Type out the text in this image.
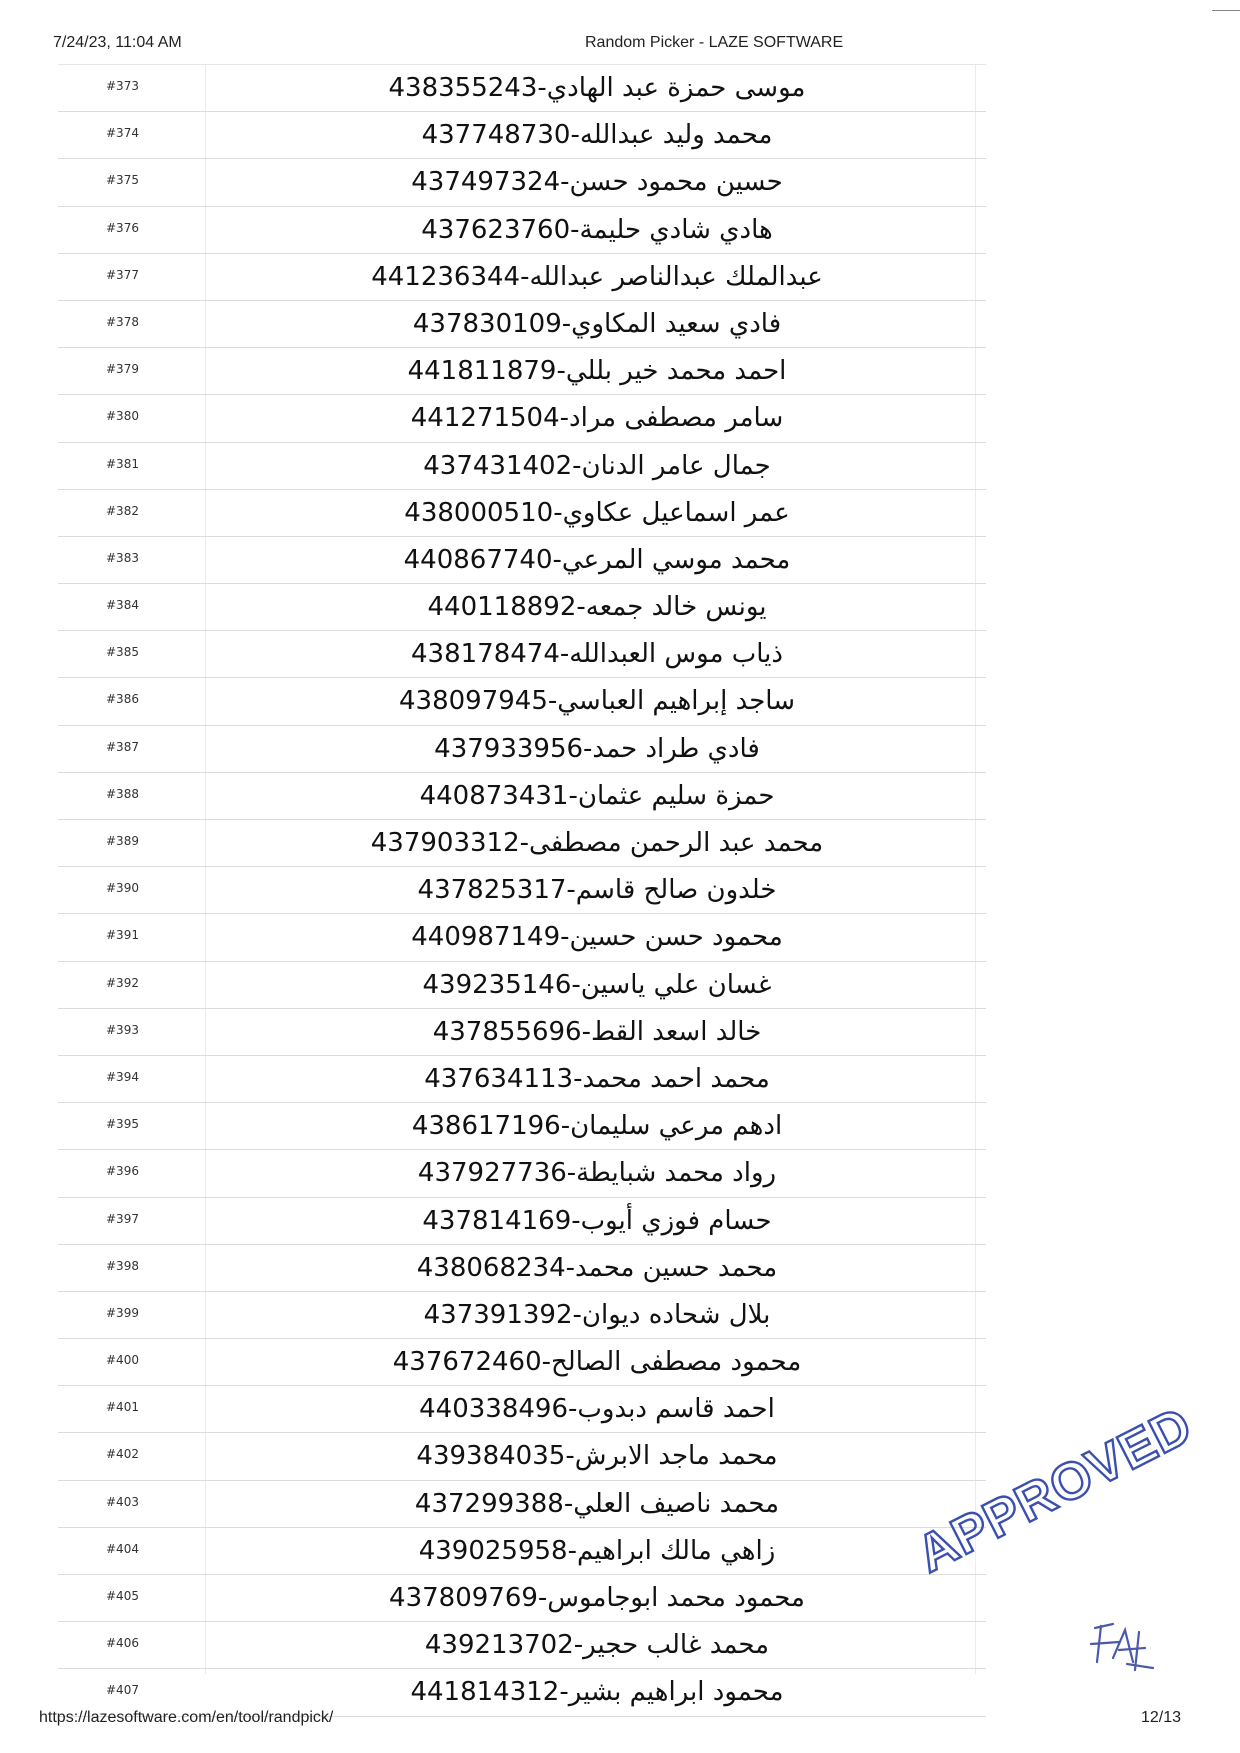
7/24/23, 11:04 AM	Random Picker - LAZE SOFTWARE
#373	موسى حمزة عبد الهادي-438355243
#374	محمد وليد عبدالله-437748730
#375	حسين محمود حسن-437497324
#376	هادي شادي حليمة-437623760
#377	عبدالملك عبدالناصر عبدالله-441236344
#378	فادي سعيد المكاوي-437830109
#379	احمد محمد خير بللي-441811879
#380	سامر مصطفى مراد-441271504
#381	جمال عامر الدنان-437431402
#382	عمر اسماعيل عكاوي-438000510
#383	محمد موسي المرعي-440867740
#384	يونس خالد جمعه-440118892
#385	ذياب موس العبدالله-438178474
#386	ساجد إبراهيم العباسي-438097945
#387	فادي طراد حمد-437933956
#388	حمزة سليم عثمان-440873431
#389	محمد عبد الرحمن مصطفى-437903312
#390	خلدون صالح قاسم-437825317
#391	محمود حسن حسين-440987149
#392	غسان علي ياسين-439235146
#393	خالد اسعد القط-437855696
#394	محمد احمد محمد-437634113
#395	ادهم مرعي سليمان-438617196
#396	رواد محمد شبايطة-437927736
#397	حسام فوزي أيوب-437814169
#398	محمد حسين محمد-438068234
#399	بلال شحاده ديوان-437391392
#400	محمود مصطفى الصالح-437672460
#401	احمد قاسم دبدوب-440338496
#402	محمد ماجد الابرش-439384035
#403	محمد ناصيف العلي-437299388
#404	زاهي مالك ابراهيم-439025958
#405	محمود محمد ابوجاموس-437809769
#406	محمد غالب حجير-439213702
#407	محمود ابراهيم بشير-441814312
APPROVED
https://lazesoftware.com/en/tool/randpick/	12/13
